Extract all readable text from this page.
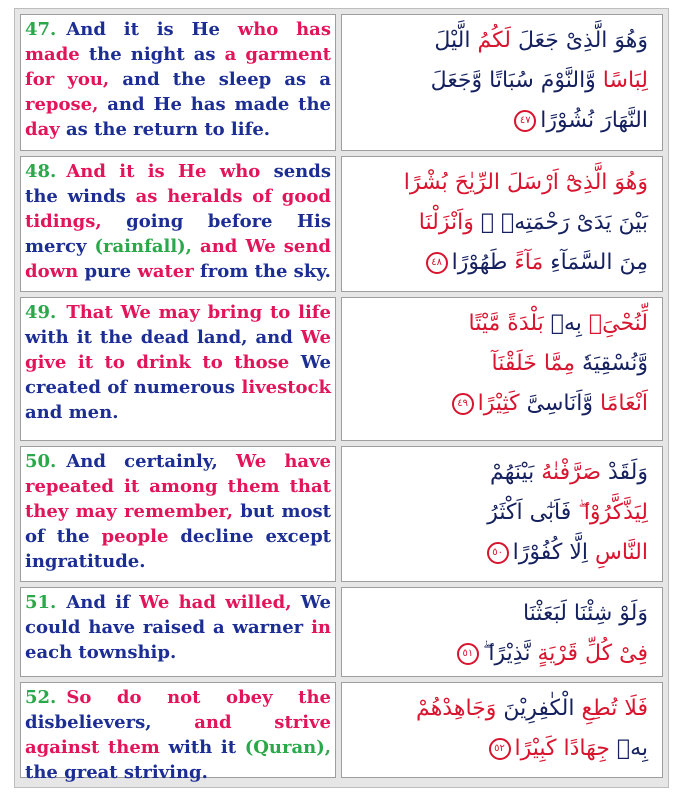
47. And it is He who has made the night as a garment for you, and the sleep as a repose, and He has made the day as the return to life.

وَهُوَ الَّذِىْ جَعَلَ لَكُمُ الَّيْلَ
لِبَاسًا وَّالنَّوْمَ سُبَاتًا وَّجَعَلَ
النَّهَارَ نُشُوْرًا٤٧

48. And it is He who sends the winds as heralds of good tidings, going before His mercy (rainfall), and We send down pure water from the sky.

وَهُوَ الَّذِىْٓ اَرْسَلَ الرِّيٰحَ بُشْرًا
بَيْنَ يَدَىْ رَحْمَتِهٖ ۚ وَاَنْزَلْنَا
مِنَ السَّمَآءِ مَآءً طَهُوْرًا٤٨

49. That We may bring to life with it the dead land, and We give it to drink to those We created of numerous livestock and men.

لِّنُحْیَِۦ بِهٖ بَلْدَةً مَّيْتًا
وَّنُسْقِيَهٗ مِمَّا خَلَقْنَآ
اَنْعَامًا وَّاَنَاسِىَّ كَثِيْرًا٤٩

50. And certainly, We have repeated it among them that they may remember, but most of the people decline except ingratitude.

وَلَقَدْ صَرَّفْنٰهُ بَيْنَهُمْ
لِيَذَّكَّرُوْا ۖ فَاَبٰٓى اَكْثَرُ
النَّاسِ اِلَّا كُفُوْرًا٥٠

51. And if We had willed, We could have raised a warner in each township.

وَلَوْ شِئْنَا لَبَعَثْنَا
فِىْ كُلِّ قَرْيَةٍ نَّذِيْرًا ۖ٥١

52. So do not obey the disbelievers, and strive against them with it (Quran), the great striving.

فَلَا تُطِعِ الْكٰفِرِيْنَ وَجَاهِدْهُمْ
بِهٖ جِهَادًا كَبِيْرًا٥٢
